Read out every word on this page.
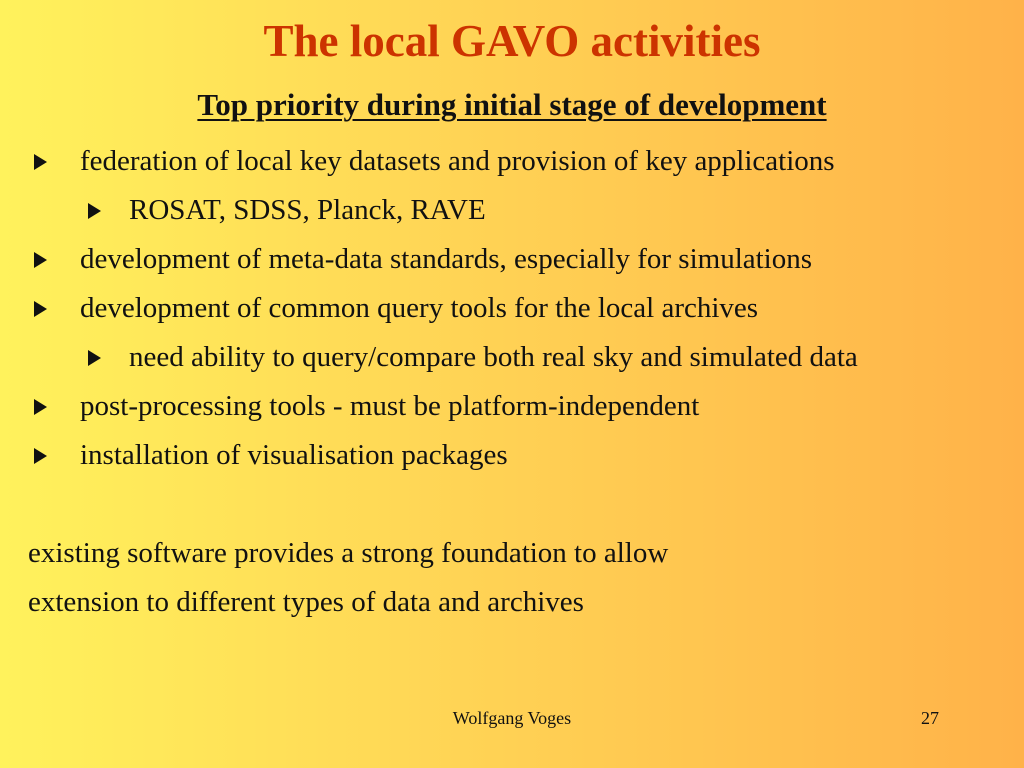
The local GAVO activities
Top priority during initial stage of development
federation of local key datasets and provision of key applications
ROSAT, SDSS, Planck, RAVE
development of meta-data standards, especially for simulations
development of common query tools for the local archives
need ability to query/compare both real sky and simulated data
post-processing tools - must be platform-independent
installation of visualisation packages
existing software provides a strong foundation to allow
extension to different types of data and archives
Wolfgang Voges	27
